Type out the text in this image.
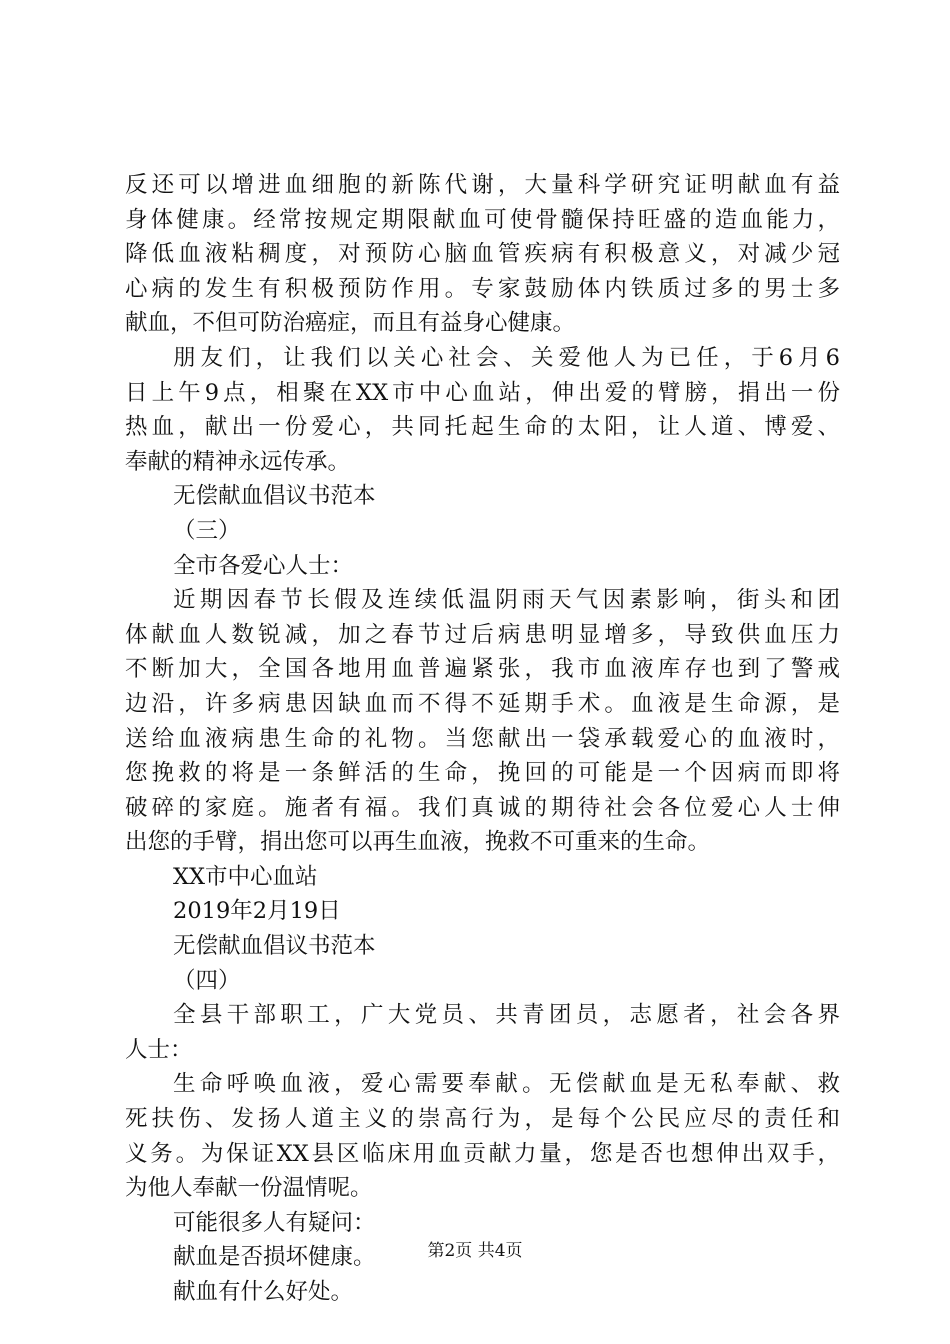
反还可以增进血细胞的新陈代谢，大量科学研究证明献血有益
身体健康。经常按规定期限献血可使骨髓保持旺盛的造血能力，
降低血液粘稠度，对预防心脑血管疾病有积极意义，对减少冠
心病的发生有积极预防作用。专家鼓励体内铁质过多的男士多
献血，不但可防治癌症，而且有益身心健康。
朋友们，让我们以关心社会、关爱他人为已任，于6月6
日上午9点，相聚在XX市中心血站，伸出爱的臂膀，捐出一份
热血，献出一份爱心，共同托起生命的太阳，让人道、博爱、
奉献的精神永远传承。
无偿献血倡议书范本
（三）
全市各爱心人士：
近期因春节长假及连续低温阴雨天气因素影响，街头和团
体献血人数锐减，加之春节过后病患明显增多，导致供血压力
不断加大，全国各地用血普遍紧张，我市血液库存也到了警戒
边沿，许多病患因缺血而不得不延期手术。血液是生命源，是
送给血液病患生命的礼物。当您献出一袋承载爱心的血液时，
您挽救的将是一条鲜活的生命，挽回的可能是一个因病而即将
破碎的家庭。施者有福。我们真诚的期待社会各位爱心人士伸
出您的手臂，捐出您可以再生血液，挽救不可重来的生命。
XX市中心血站
2019年2月19日
无偿献血倡议书范本
（四）
全县干部职工，广大党员、共青团员，志愿者，社会各界
人士：
生命呼唤血液，爱心需要奉献。无偿献血是无私奉献、救
死扶伤、发扬人道主义的崇高行为，是每个公民应尽的责任和
义务。为保证XX县区临床用血贡献力量，您是否也想伸出双手，
为他人奉献一份温情呢。
可能很多人有疑问：
献血是否损坏健康。
献血有什么好处。
第2页 共4页
